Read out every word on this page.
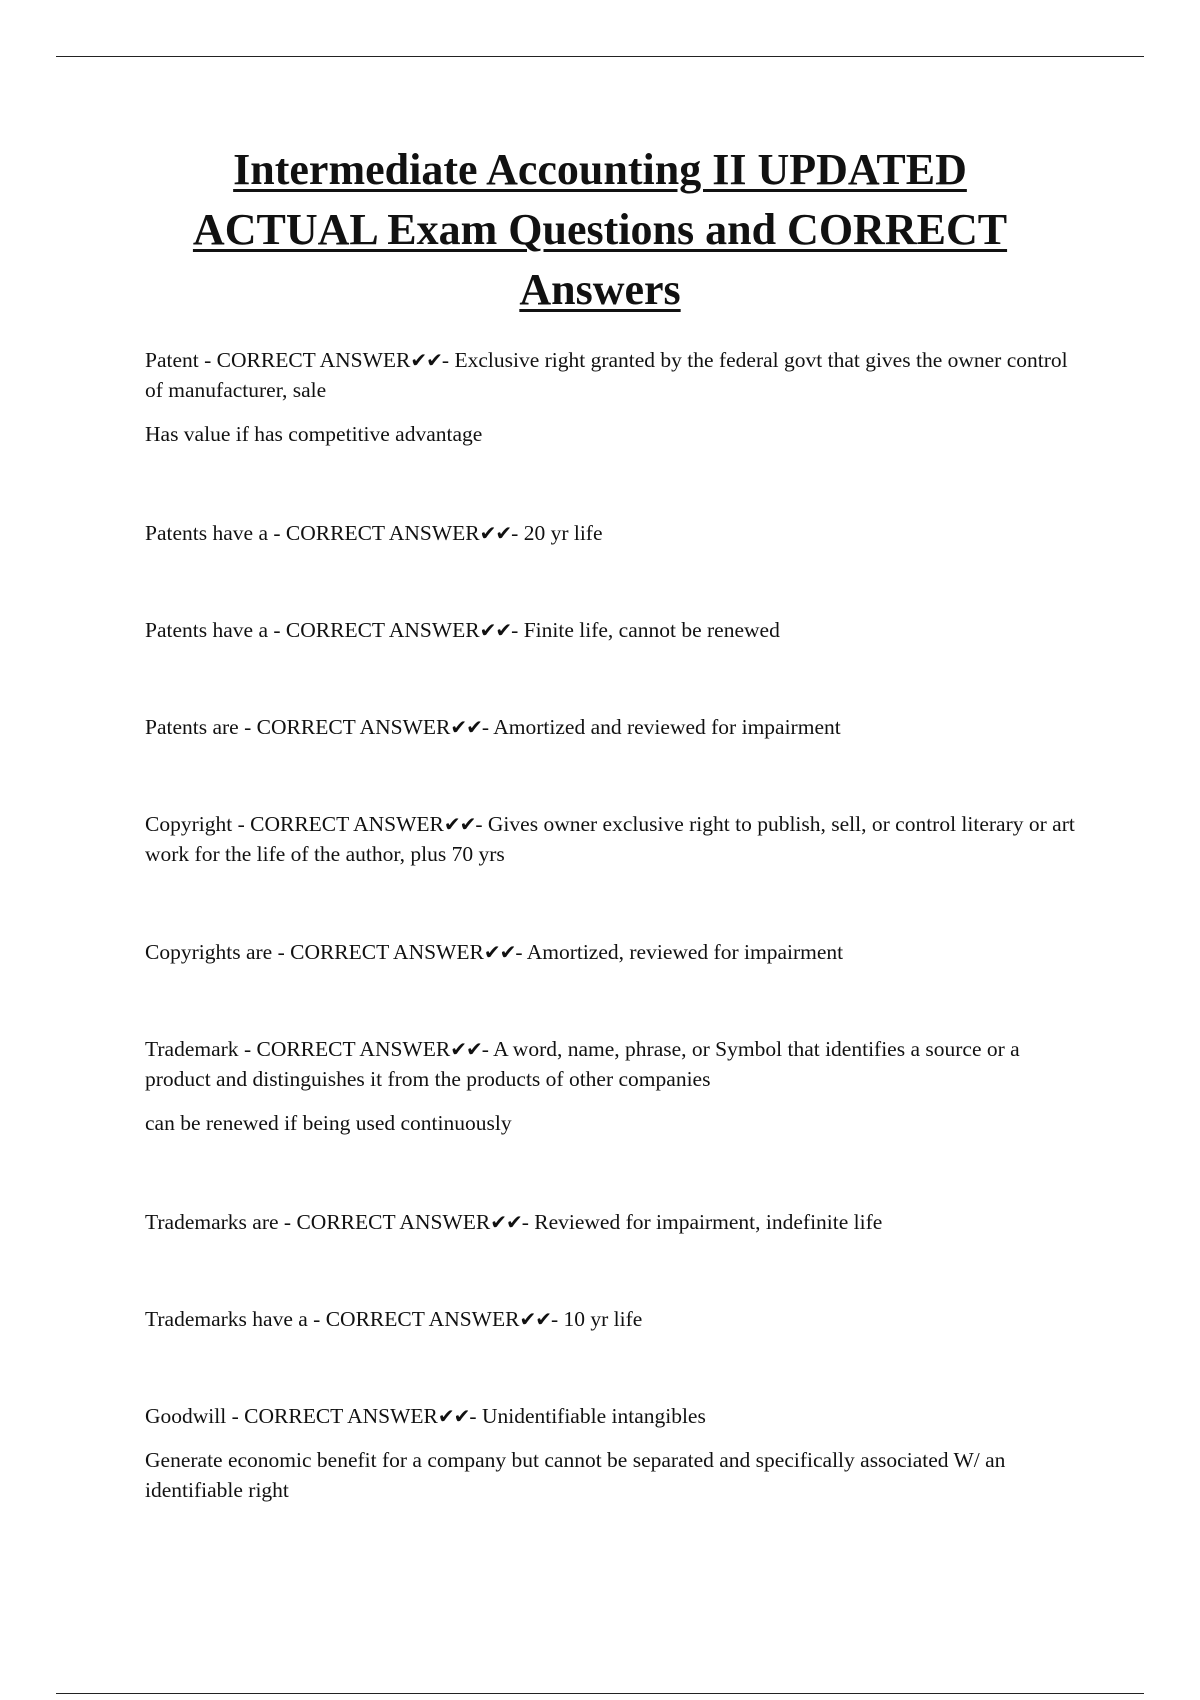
Intermediate Accounting II UPDATED
ACTUAL Exam Questions and CORRECT
Answers

Patent - CORRECT ANSWER✔✔- Exclusive right granted by the federal govt that gives the owner control of manufacturer, sale

Has value if has competitive advantage

Patents have a - CORRECT ANSWER✔✔- 20 yr life

Patents have a - CORRECT ANSWER✔✔- Finite life, cannot be renewed

Patents are - CORRECT ANSWER✔✔- Amortized and reviewed for impairment

Copyright - CORRECT ANSWER✔✔- Gives owner exclusive right to publish, sell, or control literary or art work for the life of the author, plus 70 yrs

Copyrights are - CORRECT ANSWER✔✔- Amortized, reviewed for impairment

Trademark - CORRECT ANSWER✔✔- A word, name, phrase, or Symbol that identifies a source or a product and distinguishes it from the products of other companies

can be renewed if being used continuously

Trademarks are - CORRECT ANSWER✔✔- Reviewed for impairment, indefinite life

Trademarks have a - CORRECT ANSWER✔✔- 10 yr life

Goodwill - CORRECT ANSWER✔✔- Unidentifiable intangibles

Generate economic benefit for a company but cannot be separated and specifically associated W/ an identifiable right
